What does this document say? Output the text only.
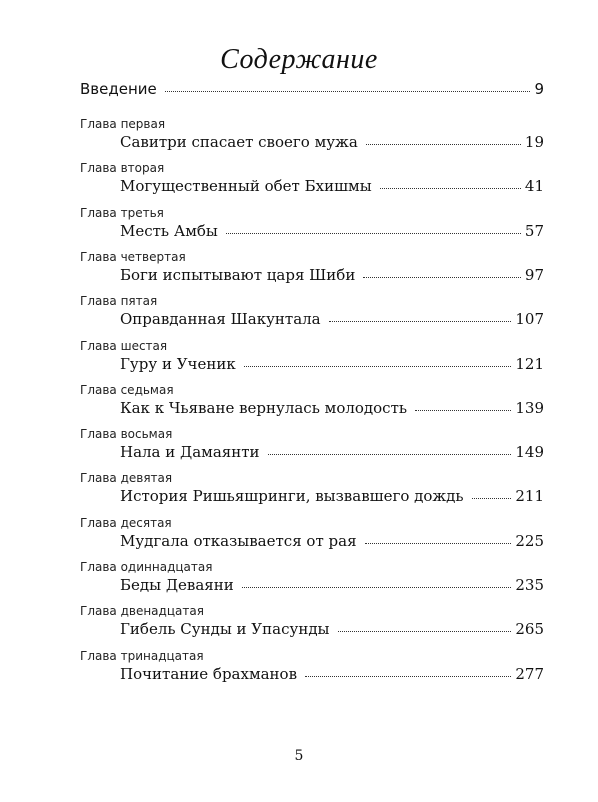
Содержание
Введение	9
Глава первая
Савитри спасает своего мужа	19
Глава вторая
Могущественный обет Бхишмы	41
Глава третья
Месть Амбы	57
Глава четвертая
Боги испытывают царя Шиби	97
Глава пятая
Оправданная Шакунтала	107
Глава шестая
Гуру и Ученик	121
Глава седьмая
Как к Чьяване вернулась молодость	139
Глава восьмая
Нала и Дамаянти	149
Глава девятая
История Ришьяшринги, вызвавшего дождь	211
Глава десятая
Мудгала отказывается от рая	225
Глава одиннадцатая
Беды Деваяни	235
Глава двенадцатая
Гибель Сунды и Упасунды	265
Глава тринадцатая
Почитание брахманов	277
5
